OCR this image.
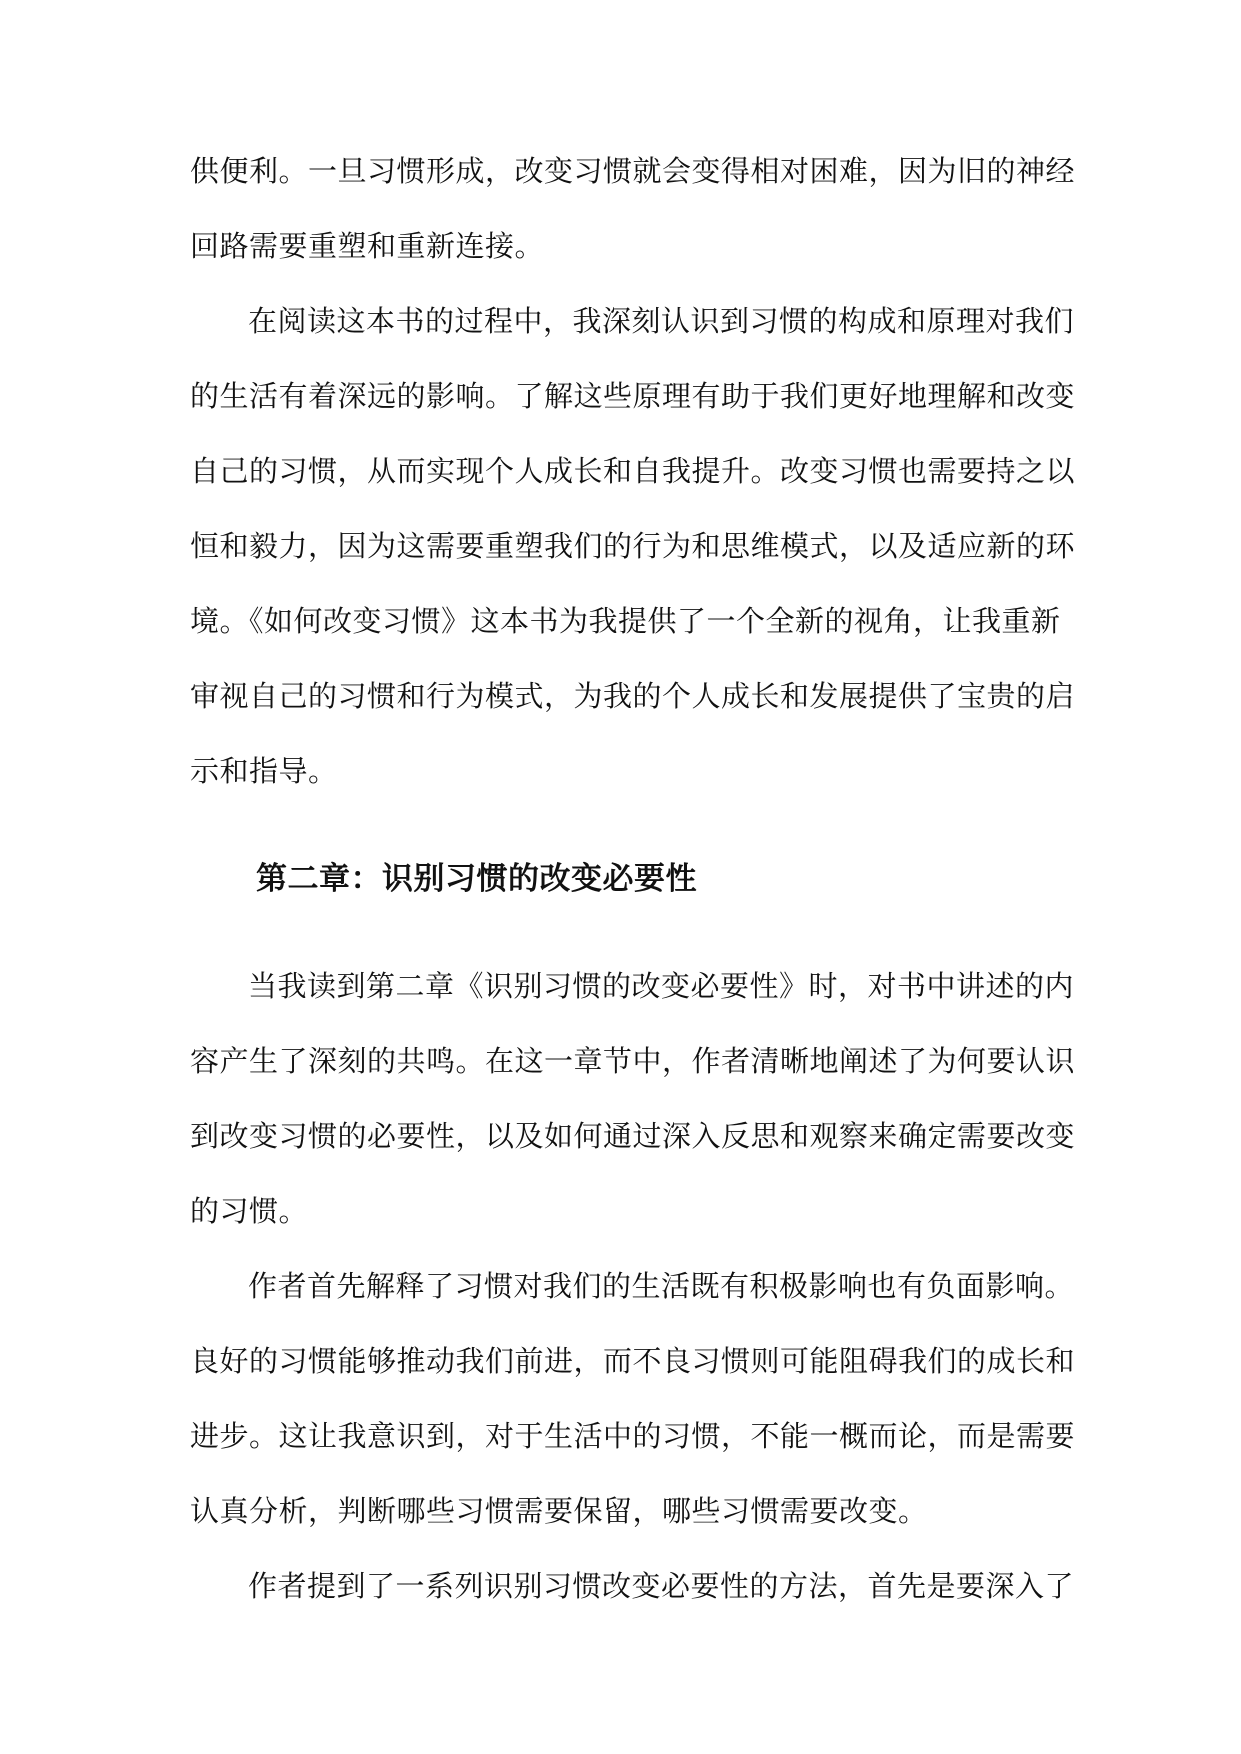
供便利。一旦习惯形成，改变习惯就会变得相对困难，因为旧的神经

回路需要重塑和重新连接。

在阅读这本书的过程中，我深刻认识到习惯的构成和原理对我们

的生活有着深远的影响。了解这些原理有助于我们更好地理解和改变

自己的习惯，从而实现个人成长和自我提升。改变习惯也需要持之以

恒和毅力，因为这需要重塑我们的行为和思维模式，以及适应新的环

境。《如何改变习惯》这本书为我提供了一个全新的视角，让我重新

审视自己的习惯和行为模式，为我的个人成长和发展提供了宝贵的启

示和指导。

第二章：识别习惯的改变必要性

当我读到第二章《识别习惯的改变必要性》时，对书中讲述的内

容产生了深刻的共鸣。在这一章节中，作者清晰地阐述了为何要认识

到改变习惯的必要性，以及如何通过深入反思和观察来确定需要改变

的习惯。

作者首先解释了习惯对我们的生活既有积极影响也有负面影响。

良好的习惯能够推动我们前进，而不良习惯则可能阻碍我们的成长和

进步。这让我意识到，对于生活中的习惯，不能一概而论，而是需要

认真分析，判断哪些习惯需要保留，哪些习惯需要改变。

作者提到了一系列识别习惯改变必要性的方法，首先是要深入了
